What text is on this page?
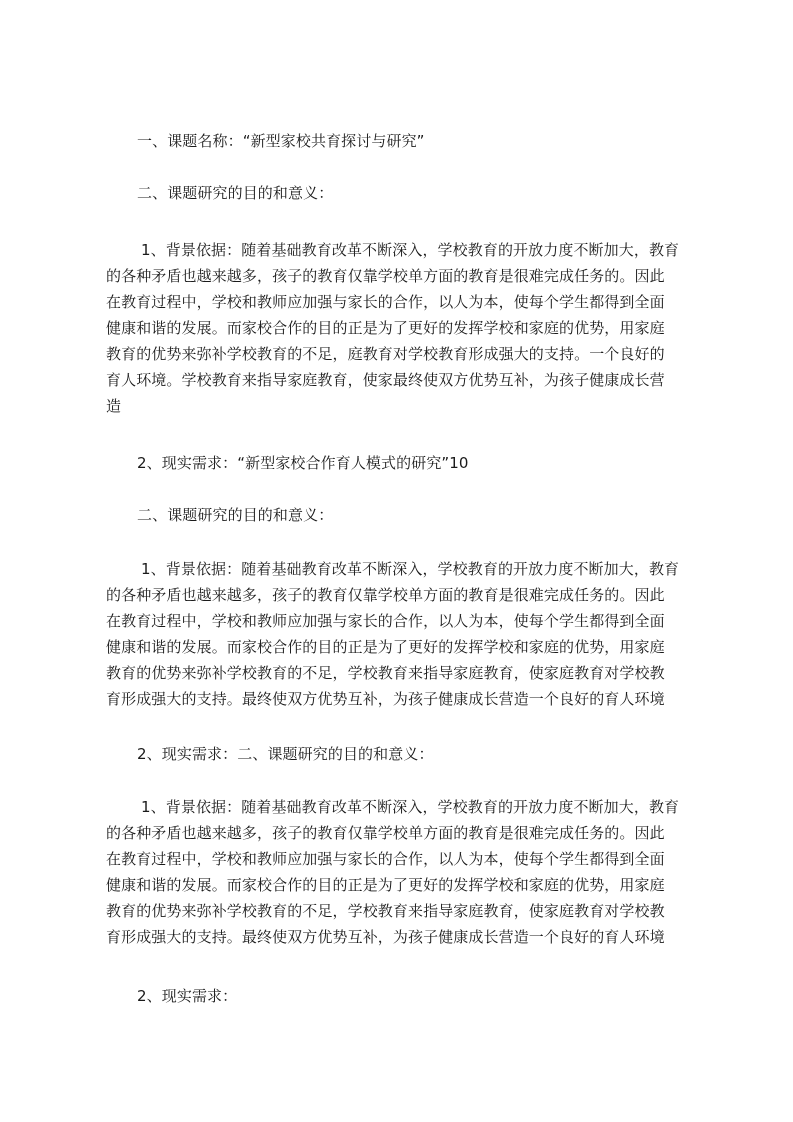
一、课题名称：“新型家校共育探讨与研究”
二、课题研究的目的和意义：
1、背景依据：随着基础教育改革不断深入，学校教育的开放力度不断加大，教育
的各种矛盾也越来越多，孩子的教育仅靠学校单方面的教育是很难完成任务的。因此
在教育过程中，学校和教师应加强与家长的合作，以人为本，使每个学生都得到全面
健康和谐的发展。而家校合作的目的正是为了更好的发挥学校和家庭的优势，用家庭
教育的优势来弥补学校教育的不足，庭教育对学校教育形成强大的支持。一个良好的
育人环境。学校教育来指导家庭教育，使家最终使双方优势互补，为孩子健康成长营
造
2、现实需求：“新型家校合作育人模式的研究”10
二、课题研究的目的和意义：
1、背景依据：随着基础教育改革不断深入，学校教育的开放力度不断加大，教育
的各种矛盾也越来越多，孩子的教育仅靠学校单方面的教育是很难完成任务的。因此
在教育过程中，学校和教师应加强与家长的合作，以人为本，使每个学生都得到全面
健康和谐的发展。而家校合作的目的正是为了更好的发挥学校和家庭的优势，用家庭
教育的优势来弥补学校教育的不足，学校教育来指导家庭教育，使家庭教育对学校教
育形成强大的支持。最终使双方优势互补，为孩子健康成长营造一个良好的育人环境
2、现实需求：二、课题研究的目的和意义：
1、背景依据：随着基础教育改革不断深入，学校教育的开放力度不断加大，教育
的各种矛盾也越来越多，孩子的教育仅靠学校单方面的教育是很难完成任务的。因此
在教育过程中，学校和教师应加强与家长的合作，以人为本，使每个学生都得到全面
健康和谐的发展。而家校合作的目的正是为了更好的发挥学校和家庭的优势，用家庭
教育的优势来弥补学校教育的不足，学校教育来指导家庭教育，使家庭教育对学校教
育形成强大的支持。最终使双方优势互补，为孩子健康成长营造一个良好的育人环境
2、现实需求：
